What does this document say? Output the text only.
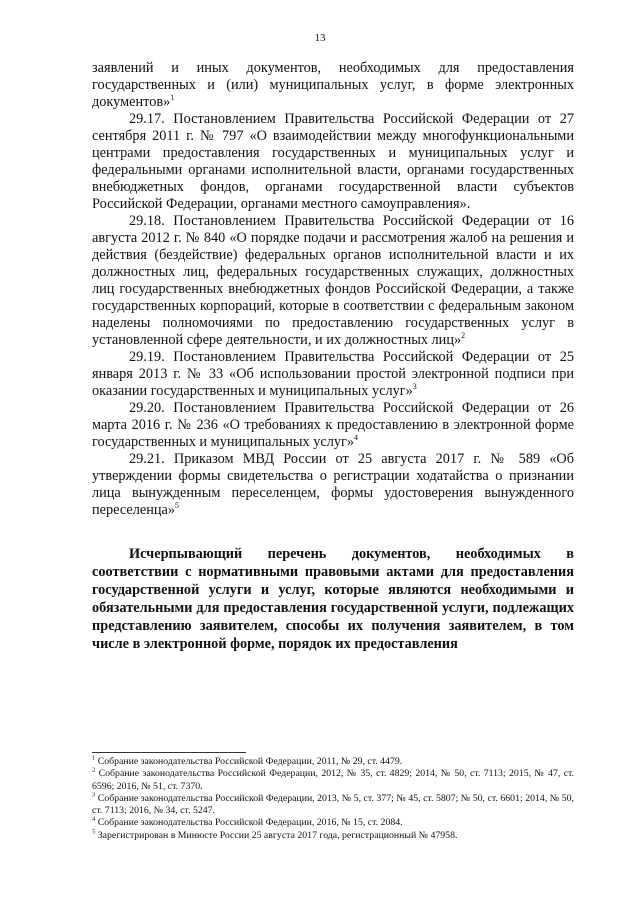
13

заявлений и иных документов, необходимых для предоставления государственных и (или) муниципальных услуг, в форме электронных документов»$^1$

29.17. Постановлением Правительства Российской Федерации от 27 сентября 2011 г. № 797 «О взаимодействии между многофункциональными центрами предоставления государственных и муниципальных услуг и федеральными органами исполнительной власти, органами государственных внебюджетных фондов, органами государственной власти субъектов Российской Федерации, органами местного самоуправления».

29.18. Постановлением Правительства Российской Федерации от 16 августа 2012 г. № 840 «О порядке подачи и рассмотрения жалоб на решения и действия (бездействие) федеральных органов исполнительной власти и их должностных лиц, федеральных государственных служащих, должностных лиц государственных внебюджетных фондов Российской Федерации, а также государственных корпораций, которые в соответствии с федеральным законом наделены полномочиями по предоставлению государственных услуг в установленной сфере деятельности, и их должностных лиц»$^2$

29.19. Постановлением Правительства Российской Федерации от 25 января 2013 г. № 33 «Об использовании простой электронной подписи при оказании государственных и муниципальных услуг»$^3$

29.20. Постановлением Правительства Российской Федерации от 26 марта 2016 г. № 236 «О требованиях к предоставлению в электронной форме государственных и муниципальных услуг»$^4$

29.21. Приказом МВД России от 25 августа 2017 г. № 589 «Об утверждении формы свидетельства о регистрации ходатайства о признании лица вынужденным переселенцем, формы удостоверения вынужденного переселенца»$^5$

Исчерпывающий перечень документов, необходимых в соответствии с нормативными правовыми актами для предоставления государственной услуги и услуг, которые являются необходимыми и обязательными для предоставления государственной услуги, подлежащих представлению заявителем, способы их получения заявителем, в том числе в электронной форме, порядок их предоставления

$^1$ Собрание законодательства Российской Федерации, 2011, № 29, ст. 4479.

$^2$ Собрание законодательства Российской Федерации, 2012, № 35, ст. 4829; 2014, № 50, ст. 7113; 2015, № 47, ст. 6596; 2016, № 51, ст. 7370.

$^3$ Собрание законодательства Российской Федерации, 2013, № 5, ст. 377; № 45, ст. 5807; № 50, ст. 6601; 2014, № 50, ст. 7113; 2016, № 34, ст. 5247.

$^4$ Собрание законодательства Российской Федерации, 2016, № 15, ст. 2084.

$^5$ Зарегистрирован в Минюсте России 25 августа 2017 года, регистрационный № 47958.
